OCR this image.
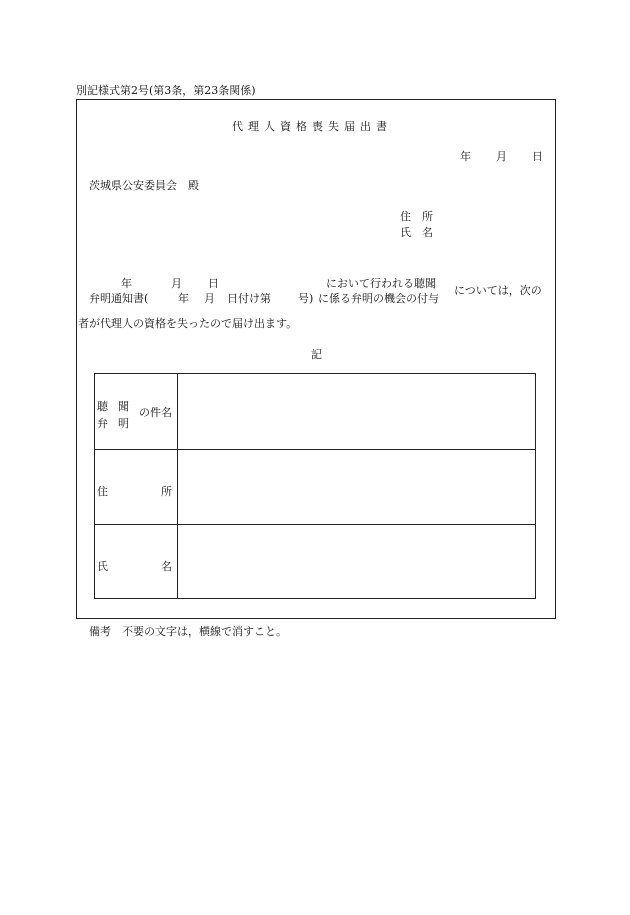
別記様式第2号(第3条，第23条関係)
代理人資格喪失届出書
年 月 日
茨城県公安委員会　殿
住　所
氏　名
年	月 日	において行われる聴聞
弁明通知書(	年 月 日付け第 号) に係る弁明の機会の付与
については，次の
者が代理人の資格を失ったので届け出ます。
記
聴聞
弁明
の件名	

住 所	

氏 名	

備考　不要の文字は，横線で消すこと。
